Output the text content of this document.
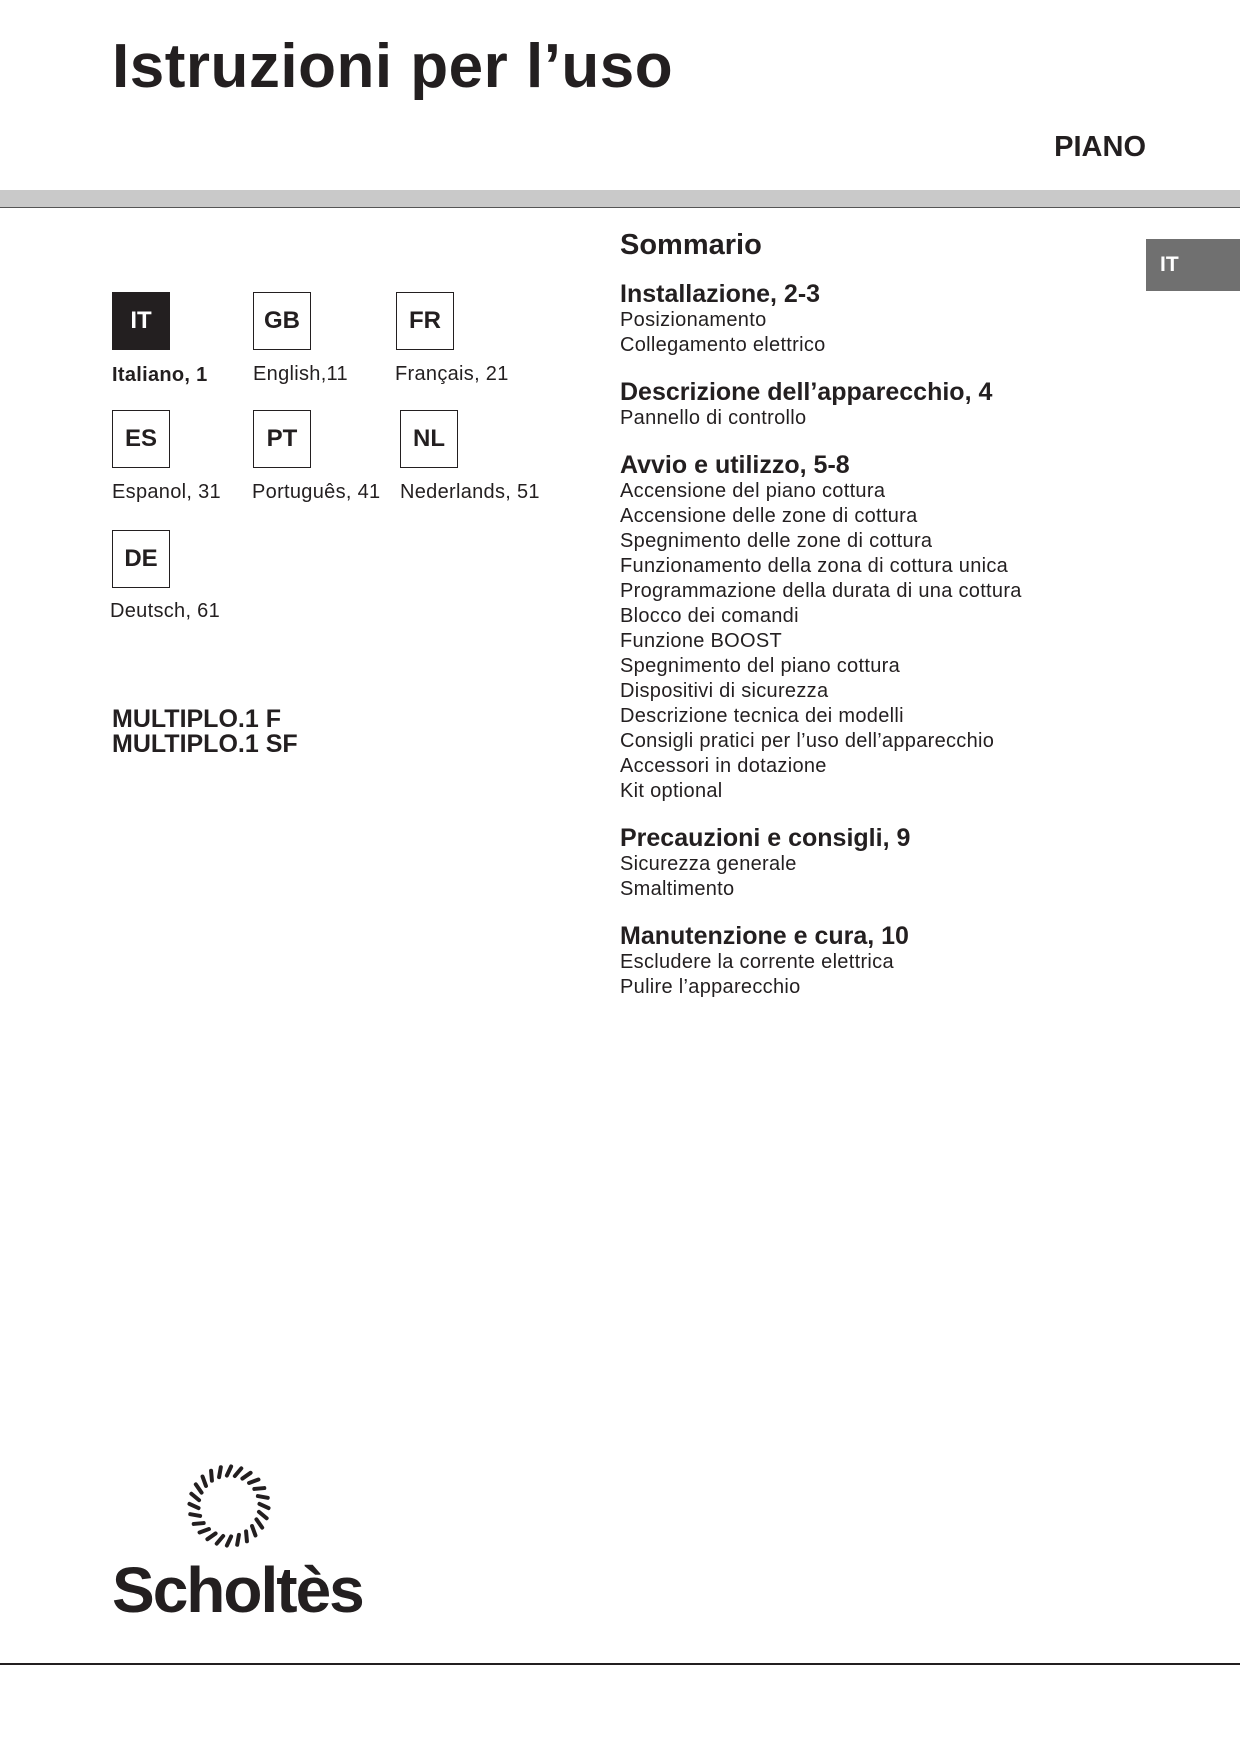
Istruzioni per l’uso
PIANO
IT
IT
Italiano, 1
GB
English,11
FR
Français, 21
ES
Espanol, 31
PT
Português, 41
NL
Nederlands, 51
DE
Deutsch, 61
MULTIPLO.1 F
MULTIPLO.1 SF
Sommario
Installazione, 2-3
Posizionamento
Collegamento elettrico
Descrizione dell’apparecchio, 4
Pannello di controllo
Avvio e utilizzo, 5-8
Accensione del piano cottura
Accensione delle zone di cottura
Spegnimento delle zone di cottura
Funzionamento della zona di cottura unica
Programmazione della durata di una cottura
Blocco dei comandi
Funzione BOOST
Spegnimento del piano cottura
Dispositivi di sicurezza
Descrizione tecnica dei modelli
Consigli pratici per l’uso dell’apparecchio
Accessori in dotazione
Kit optional
Precauzioni e consigli, 9
Sicurezza generale
Smaltimento
Manutenzione e cura, 10
Escludere la corrente elettrica
Pulire l’apparecchio
Scholtès
